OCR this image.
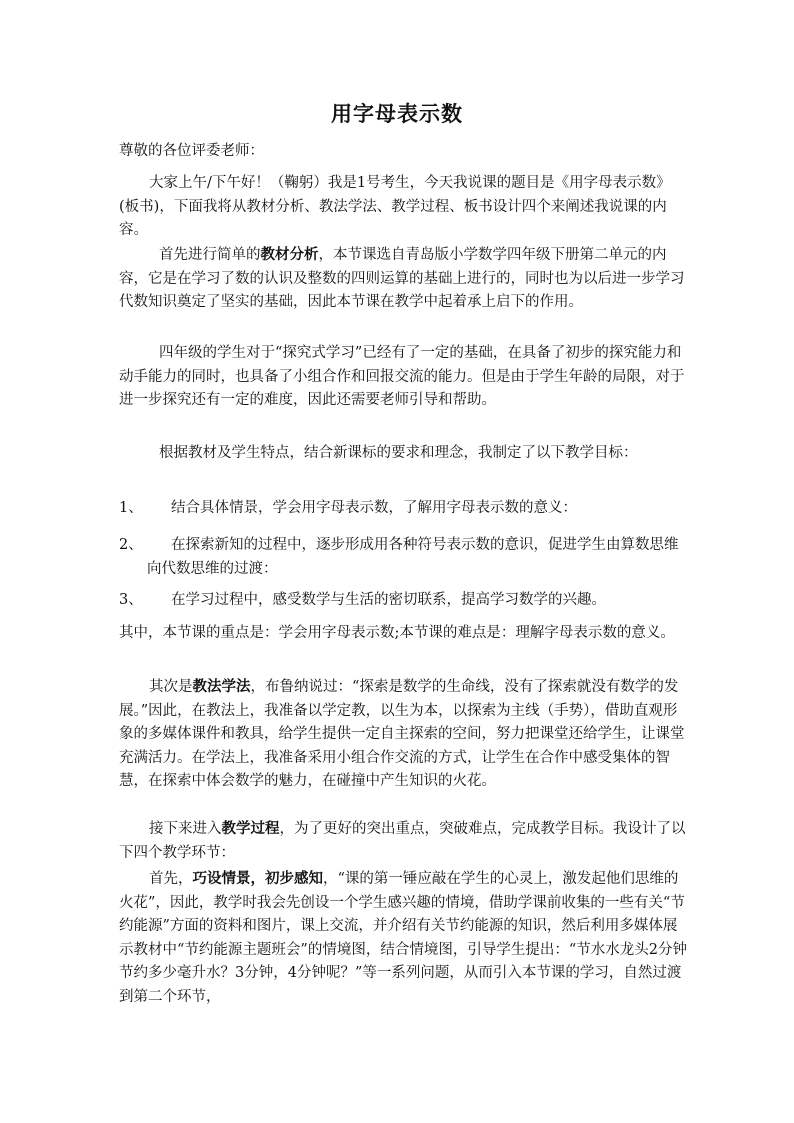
用字母表示数
尊敬的各位评委老师：
大家上午/下午好！（鞠躬）我是1号考生，今天我说课的题目是《用字母表示数》(板书)，下面我将从教材分析、教法学法、教学过程、板书设计四个来阐述我说课的内容。
首先进行简单的教材分析，本节课选自青岛版小学数学四年级下册第二单元的内容，它是在学习了数的认识及整数的四则运算的基础上进行的，同时也为以后进一步学习代数知识奠定了坚实的基础，因此本节课在教学中起着承上启下的作用。
四年级的学生对于“探究式学习”已经有了一定的基础，在具备了初步的探究能力和动手能力的同时，也具备了小组合作和回报交流的能力。但是由于学生年龄的局限，对于进一步探究还有一定的难度，因此还需要老师引导和帮助。
根据教材及学生特点，结合新课标的要求和理念，我制定了以下教学目标：
1、	结合具体情景，学会用字母表示数，了解用字母表示数的意义：
2、	在探索新知的过程中，逐步形成用各种符号表示数的意识，促进学生由算数思维向代数思维的过渡：
3、	在学习过程中，感受数学与生活的密切联系，提高学习数学的兴趣。
其中，本节课的重点是：学会用字母表示数;本节课的难点是：理解字母表示数的意义。
其次是教法学法，布鲁纳说过：“探索是数学的生命线，没有了探索就没有数学的发展。”因此，在教法上，我准备以学定教，以生为本，以探索为主线（手势），借助直观形象的多媒体课件和教具，给学生提供一定自主探索的空间，努力把课堂还给学生，让课堂充满活力。在学法上，我准备采用小组合作交流的方式，让学生在合作中感受集体的智慧，在探索中体会数学的魅力，在碰撞中产生知识的火花。
接下来进入教学过程，为了更好的突出重点，突破难点，完成教学目标。我设计了以下四个教学环节：
首先，巧设情景，初步感知，“课的第一锤应敲在学生的心灵上，激发起他们思维的火花”，因此，教学时我会先创设一个学生感兴趣的情境，借助学课前收集的一些有关“节约能源”方面的资料和图片，课上交流，并介绍有关节约能源的知识，然后利用多媒体展示教材中“节约能源主题班会”的情境图，结合情境图，引导学生提出：“节水水龙头2分钟节约多少毫升水？3分钟，4分钟呢？”等一系列问题，从而引入本节课的学习，自然过渡到第二个环节，
